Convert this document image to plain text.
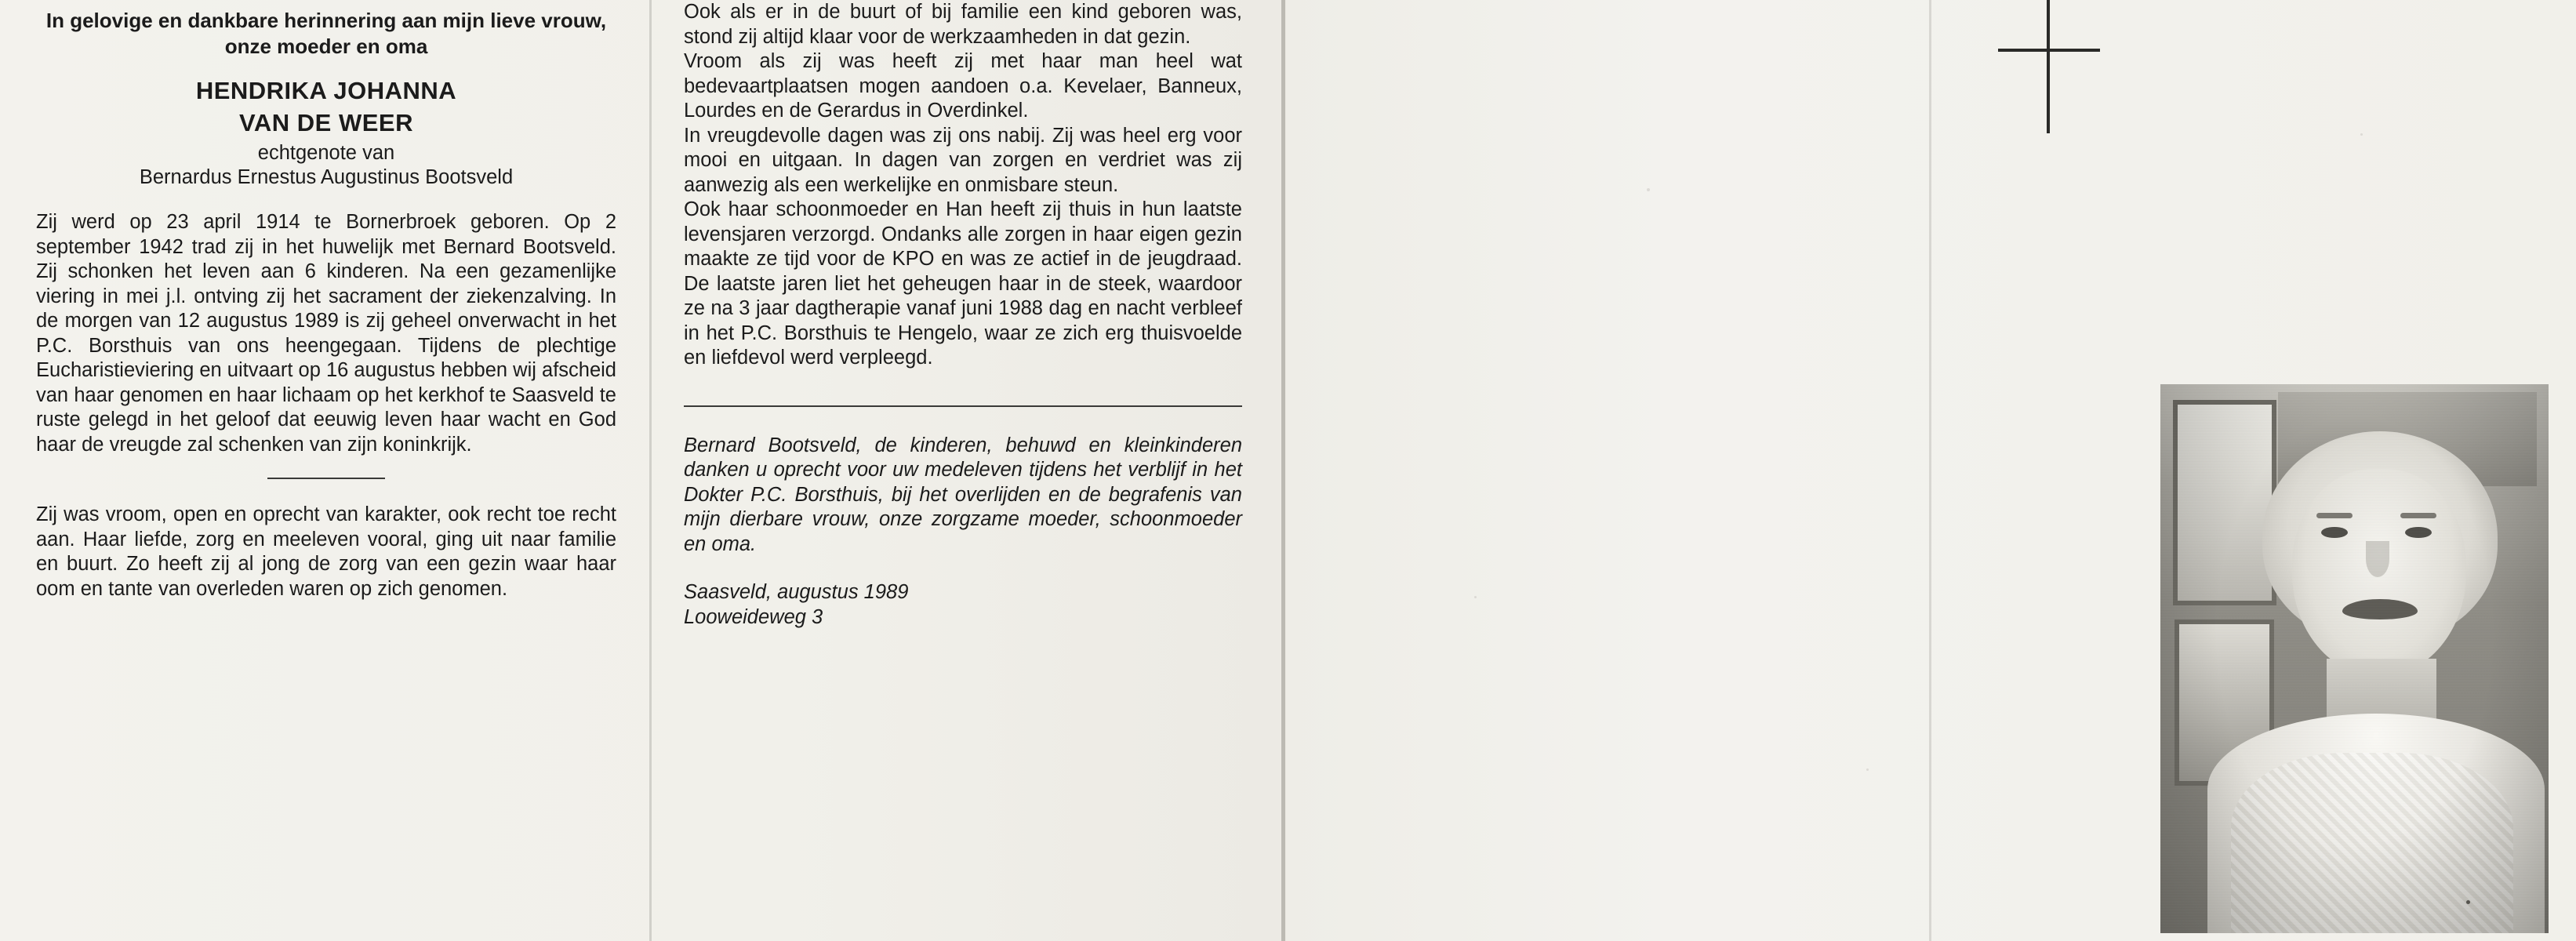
In gelovige en dankbare herinnering aan mijn lieve vrouw, onze moeder en oma
HENDRIKA JOHANNA
VAN DE WEER
echtgenote van
Bernardus Ernestus Augustinus Bootsveld

Zij werd op 23 april 1914 te Bornerbroek geboren. Op 2 september 1942 trad zij in het huwelijk met Bernard Bootsveld. Zij schonken het leven aan 6 kinderen. Na een gezamenlijke viering in mei j.l. ontving zij het sacrament der ziekenzalving. In de morgen van 12 augustus 1989 is zij geheel onverwacht in het P.C. Borsthuis van ons heengegaan. Tijdens de plechtige Eucharistieviering en uitvaart op 16 augustus hebben wij afscheid van haar genomen en haar lichaam op het kerkhof te Saasveld te ruste gelegd in het geloof dat eeuwig leven haar wacht en God haar de vreugde zal schenken van zijn koninkrijk.

Zij was vroom, open en oprecht van karakter, ook recht toe recht aan. Haar liefde, zorg en meeleven vooral, ging uit naar familie en buurt. Zo heeft zij al jong de zorg van een gezin waar haar oom en tante van overleden waren op zich genomen.

Ook als er in de buurt of bij familie een kind geboren was, stond zij altijd klaar voor de werkzaamheden in dat gezin.

Vroom als zij was heeft zij met haar man heel wat bedevaartplaatsen mogen aandoen o.a. Kevelaer, Banneux, Lourdes en de Gerardus in Overdinkel.

In vreugdevolle dagen was zij ons nabij. Zij was heel erg voor mooi en uitgaan. In dagen van zorgen en verdriet was zij aanwezig als een werkelijke en onmisbare steun.

Ook haar schoonmoeder en Han heeft zij thuis in hun laatste levensjaren verzorgd. Ondanks alle zorgen in haar eigen gezin maakte ze tijd voor de KPO en was ze actief in de jeugdraad. De laatste jaren liet het geheugen haar in de steek, waardoor ze na 3 jaar dagtherapie vanaf juni 1988 dag en nacht verbleef in het P.C. Borsthuis te Hengelo, waar ze zich erg thuisvoelde en liefdevol werd verpleegd.

Bernard Bootsveld, de kinderen, behuwd en kleinkinderen danken u oprecht voor uw medeleven tijdens het verblijf in het Dokter P.C. Borsthuis, bij het overlijden en de begrafenis van mijn dierbare vrouw, onze zorgzame moeder, schoonmoeder en oma.

Saasveld, augustus 1989
Looweideweg 3
